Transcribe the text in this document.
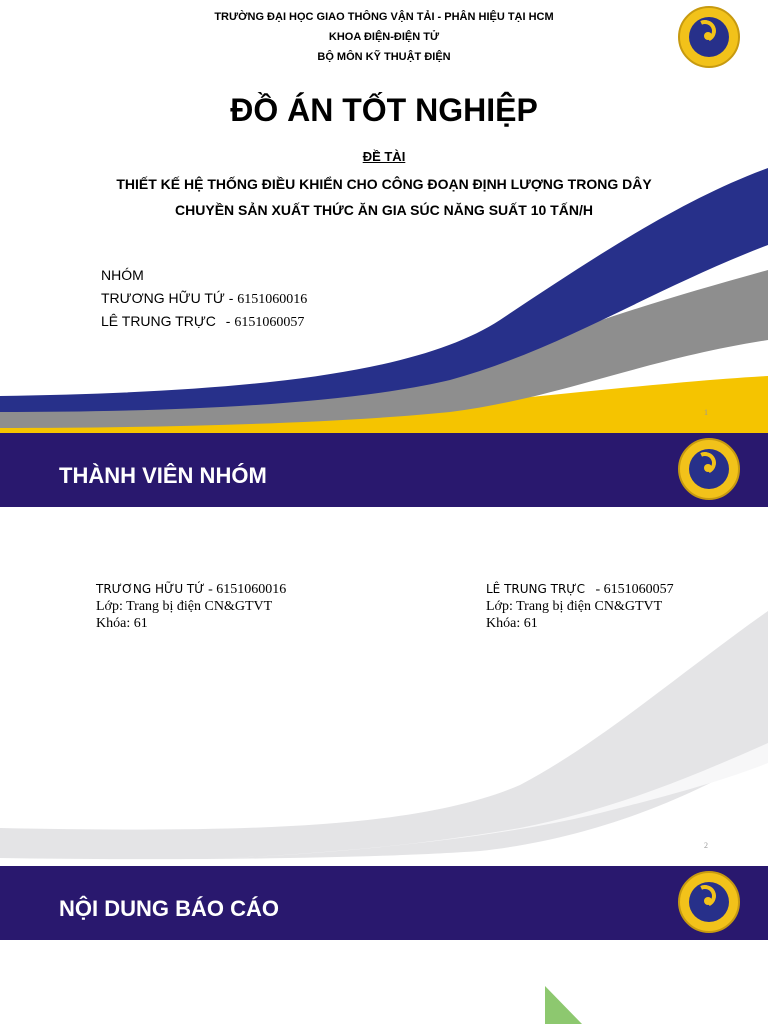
TRƯỜNG ĐẠI HỌC GIAO THÔNG VẬN TẢI - PHÂN HIỆU TẠI HCM
KHOA ĐIỆN-ĐIỆN TỬ
BỘ MÔN KỸ THUẬT ĐIỆN
ĐỒ ÁN TỐT NGHIỆP
ĐỀ TÀI
THIẾT KẾ HỆ THỐNG ĐIỀU KHIỂN CHO CÔNG ĐOẠN ĐỊNH LƯỢNG TRONG DÂY
CHUYỀN SẢN XUẤT THỨC ĂN GIA SÚC NĂNG SUẤT 10 TẤN/H
NHÓM
TRƯƠNG HỮU TỨ - 6151060016
LÊ TRUNG TRỰC - 6151060057
1
THÀNH VIÊN NHÓM
TRƯƠNG HỮU TỨ - 6151060016
Lớp: Trang bị điện CN&GTVT
Khóa: 61
LÊ TRUNG TRỰC   - 6151060057
Lớp: Trang bị điện CN&GTVT
Khóa: 61
2
NỘI DUNG BÁO CÁO
